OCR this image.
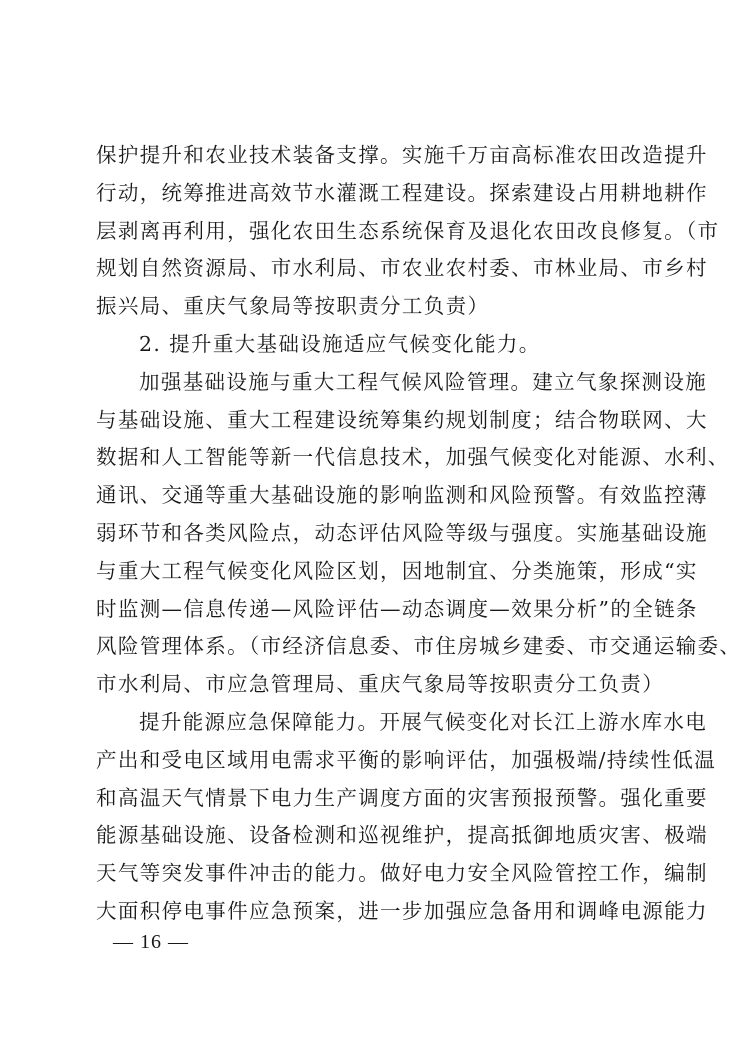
保护提升和农业技术装备支撑。实施千万亩高标准农田改造提升
行动，统筹推进高效节水灌溉工程建设。探索建设占用耕地耕作
层剥离再利用，强化农田生态系统保育及退化农田改良修复。（市
规划自然资源局、市水利局、市农业农村委、市林业局、市乡村
振兴局、重庆气象局等按职责分工负责）
2. 提升重大基础设施适应气候变化能力。
加强基础设施与重大工程气候风险管理。建立气象探测设施
与基础设施、重大工程建设统筹集约规划制度；结合物联网、大
数据和人工智能等新一代信息技术，加强气候变化对能源、水利、
通讯、交通等重大基础设施的影响监测和风险预警。有效监控薄
弱环节和各类风险点，动态评估风险等级与强度。实施基础设施
与重大工程气候变化风险区划，因地制宜、分类施策，形成“实
时监测—信息传递—风险评估—动态调度—效果分析”的全链条
风险管理体系。（市经济信息委、市住房城乡建委、市交通运输委、
市水利局、市应急管理局、重庆气象局等按职责分工负责）
提升能源应急保障能力。开展气候变化对长江上游水库水电
产出和受电区域用电需求平衡的影响评估，加强极端/持续性低温
和高温天气情景下电力生产调度方面的灾害预报预警。强化重要
能源基础设施、设备检测和巡视维护，提高抵御地质灾害、极端
天气等突发事件冲击的能力。做好电力安全风险管控工作，编制
大面积停电事件应急预案，进一步加强应急备用和调峰电源能力
— 16 —
